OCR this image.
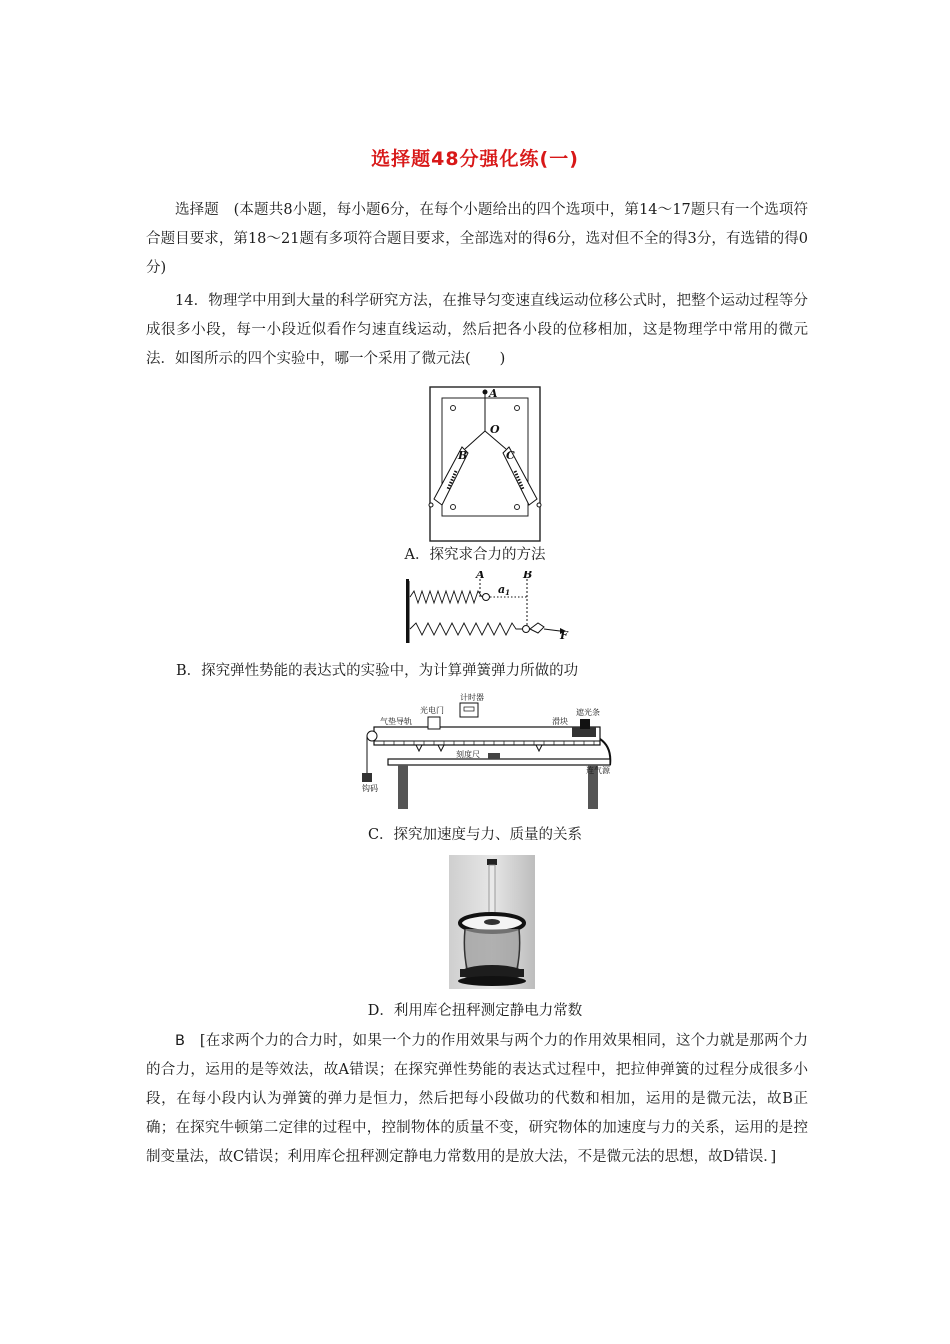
选择题48分强化练(一)

选择题　(本题共8小题，每小题6分，在每个小题给出的四个选项中，第14～17题只有一个选项符合题目要求，第18～21题有多项符合题目要求，全部选对的得6分，选对但不全的得3分，有选错的得0分)

14．物理学中用到大量的科学研究方法，在推导匀变速直线运动位移公式时，把整个运动过程等分成很多小段，每一小段近似看作匀速直线运动，然后把各小段的位移相加，这是物理学中常用的微元法．如图所示的四个实验中，哪一个采用了微元法(　　)

A
O
B	C
A．探究求合力的方法
A	B
a1
F
B．探究弹性势能的表达式的实验中，为计算弹簧弹力所做的功
计时器
光电门
气垫导轨	滑块
遮光条
刻度尺
钩码
连气源
C．探究加速度与力、质量的关系
D．利用库仑扭秤测定静电力常数

B　 [在求两个力的合力时，如果一个力的作用效果与两个力的作用效果相同，这个力就是那两个力的合力，运用的是等效法，故A错误；在探究弹性势能的表达式过程中，把拉伸弹簧的过程分成很多小段，在每小段内认为弹簧的弹力是恒力，然后把每小段做功的代数和相加，运用的是微元法，故B正确；在探究牛顿第二定律的过程中，控制物体的质量不变，研究物体的加速度与力的关系，运用的是控制变量法，故C错误；利用库仑扭秤测定静电力常数用的是放大法，不是微元法的思想，故D错误．]
